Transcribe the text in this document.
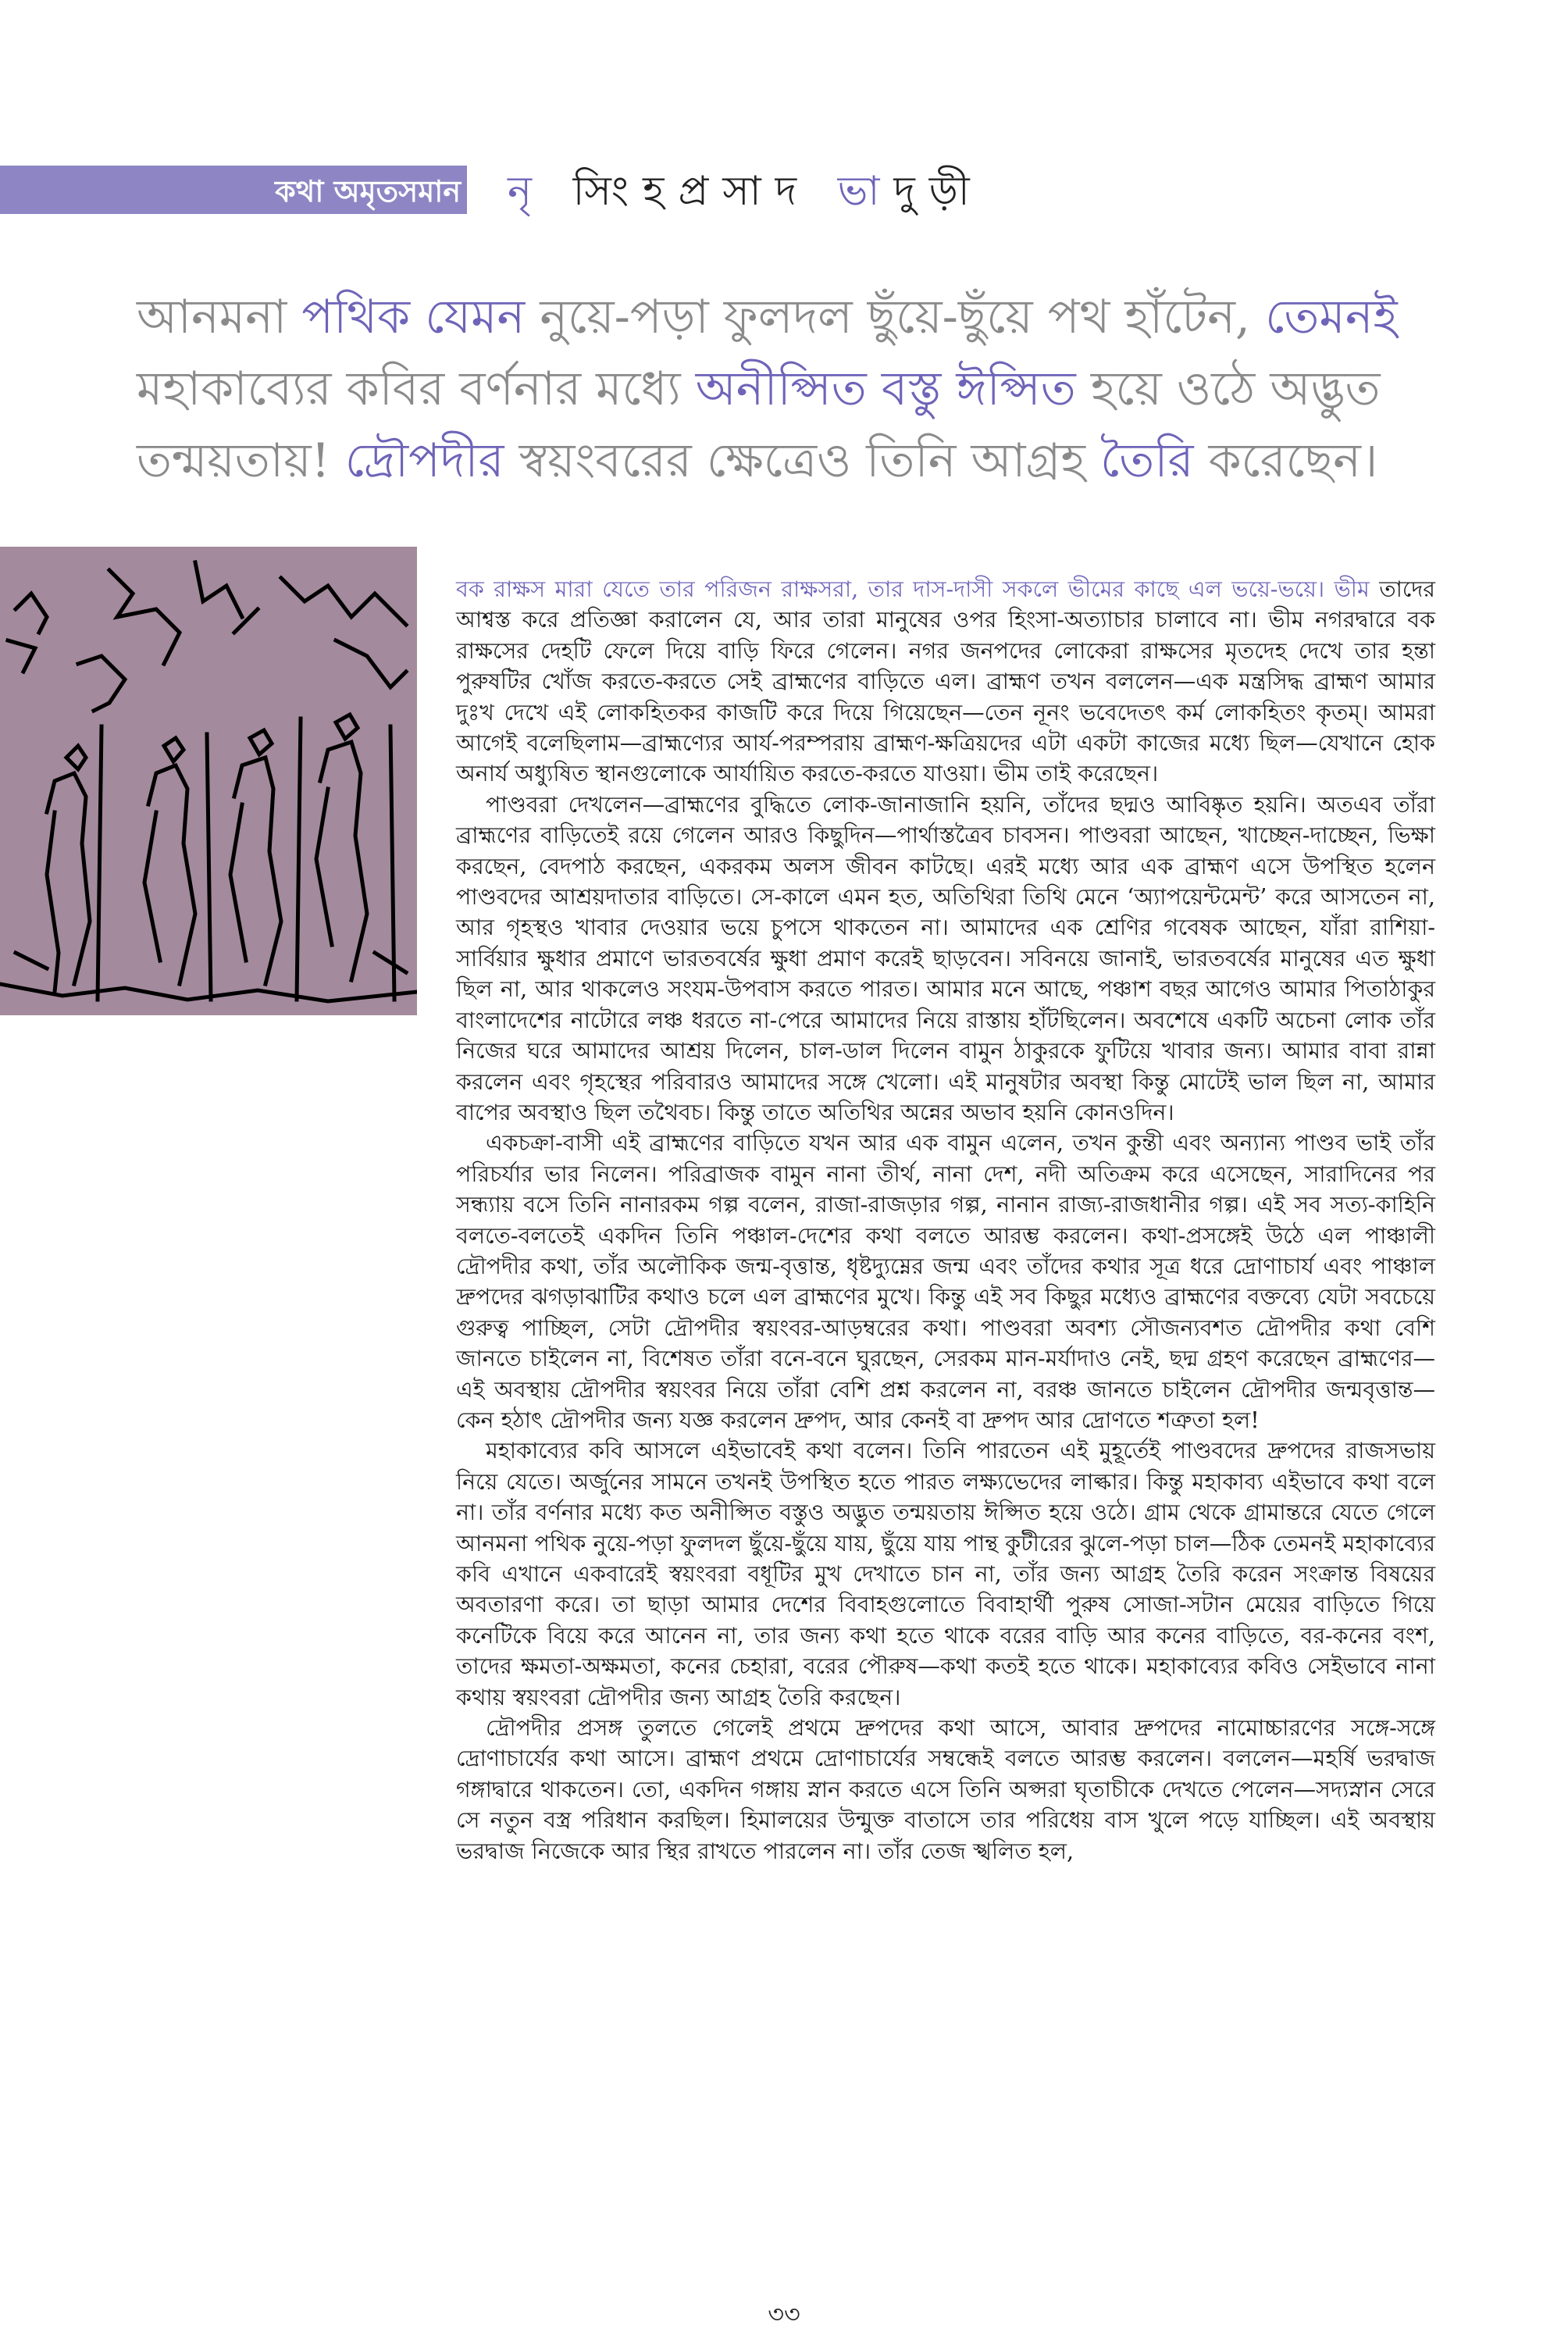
কথা অমৃতসমান নৃ সিংহপ্রসাদ ভাদুড়ী
আনমনা পথিক যেমন নুয়ে-পড়া ফুলদল ছুঁয়ে-ছুঁয়ে পথ হাঁটেন, তেমনই মহাকাব্যের কবির বর্ণনার মধ্যে অনীপ্সিত বস্তু ঈপ্সিত হয়ে ওঠে অদ্ভুত তন্ময়তায়! দ্রৌপদীর স্বয়ংবরের ক্ষেত্রেও তিনি আগ্রহ তৈরি করেছেন।

বক রাক্ষস মারা যেতে তার পরিজন রাক্ষসরা, তার দাস-দাসী সকলে ভীমের কাছে এল ভয়ে-ভয়ে। ভীম তাদের আশ্বস্ত করে প্রতিজ্ঞা করালেন যে, আর তারা মানুষের ওপর হিংসা-অত্যাচার চালাবে না। ভীম নগরদ্বারে বক রাক্ষসের দেহটি ফেলে দিয়ে বাড়ি ফিরে গেলেন। নগর জনপদের লোকেরা রাক্ষসের মৃতদেহ দেখে তার হন্তা পুরুষটির খোঁজ করতে-করতে সেই ব্রাহ্মণের বাড়িতে এল। ব্রাহ্মণ তখন বললেন—এক মন্ত্রসিদ্ধ ব্রাহ্মণ আমার দুঃখ দেখে এই লোকহিতকর কাজটি করে দিয়ে গিয়েছেন—তেন নূনং ভবেদেতৎ কর্ম লোকহিতং কৃতম্। আমরা আগেই বলেছিলাম—ব্রাহ্মণ্যের আর্য-পরম্পরায় ব্রাহ্মণ-ক্ষত্রিয়দের এটা একটা কাজের মধ্যে ছিল—যেখানে হোক অনার্য অধ্যুষিত স্থানগুলোকে আর্যায়িত করতে-করতে যাওয়া। ভীম তাই করেছেন।

পাণ্ডবরা দেখলেন—ব্রাহ্মণের বুদ্ধিতে লোক-জানাজানি হয়নি, তাঁদের ছদ্মও আবিষ্কৃত হয়নি। অতএব তাঁরা ব্রাহ্মণের বাড়িতেই রয়ে গেলেন আরও কিছুদিন—পার্থাস্তত্রৈব চাবসন। পাণ্ডবরা আছেন, খাচ্ছেন-দাচ্ছেন, ভিক্ষা করছেন, বেদপাঠ করছেন, একরকম অলস জীবন কাটছে। এরই মধ্যে আর এক ব্রাহ্মণ এসে উপস্থিত হলেন পাণ্ডবদের আশ্রয়দাতার বাড়িতে। সে-কালে এমন হত, অতিথিরা তিথি মেনে ‘অ্যাপয়েন্টমেন্ট’ করে আসতেন না, আর গৃহস্থও খাবার দেওয়ার ভয়ে চুপসে থাকতেন না। আমাদের এক শ্রেণির গবেষক আছেন, যাঁরা রাশিয়া-সার্বিয়ার ক্ষুধার প্রমাণে ভারতবর্ষের ক্ষুধা প্রমাণ করেই ছাড়বেন। সবিনয়ে জানাই, ভারতবর্ষের মানুষের এত ক্ষুধা ছিল না, আর থাকলেও সংযম-উপবাস করতে পারত। আমার মনে আছে, পঞ্চাশ বছর আগেও আমার পিতাঠাকুর বাংলাদেশের নাটোরে লঞ্চ ধরতে না-পেরে আমাদের নিয়ে রাস্তায় হাঁটছিলেন। অবশেষে একটি অচেনা লোক তাঁর নিজের ঘরে আমাদের আশ্রয় দিলেন, চাল-ডাল দিলেন বামুন ঠাকুরকে ফুটিয়ে খাবার জন্য। আমার বাবা রান্না করলেন এবং গৃহস্থের পরিবারও আমাদের সঙ্গে খেলো। এই মানুষটার অবস্থা কিন্তু মোটেই ভাল ছিল না, আমার বাপের অবস্থাও ছিল তথৈবচ। কিন্তু তাতে অতিথির অন্নের অভাব হয়নি কোনওদিন।

একচক্রা-বাসী এই ব্রাহ্মণের বাড়িতে যখন আর এক বামুন এলেন, তখন কুন্তী এবং অন্যান্য পাণ্ডব ভাই তাঁর পরিচর্যার ভার নিলেন। পরিব্রাজক বামুন নানা তীর্থ, নানা দেশ, নদী অতিক্রম করে এসেছেন, সারাদিনের পর সন্ধ্যায় বসে তিনি নানারকম গল্প বলেন, রাজা-রাজড়ার গল্প, নানান রাজ্য-রাজধানীর গল্প। এই সব সত্য-কাহিনি বলতে-বলতেই একদিন তিনি পঞ্চাল-দেশের কথা বলতে আরম্ভ করলেন। কথা-প্রসঙ্গেই উঠে এল পাঞ্চালী দ্রৌপদীর কথা, তাঁর অলৌকিক জন্ম-বৃত্তান্ত, ধৃষ্টদ্যুম্নের জন্ম এবং তাঁদের কথার সূত্র ধরে দ্রোণাচার্য এবং পাঞ্চাল দ্রুপদের ঝগড়াঝাটির কথাও চলে এল ব্রাহ্মণের মুখে। কিন্তু এই সব কিছুর মধ্যেও ব্রাহ্মণের বক্তব্যে যেটা সবচেয়ে গুরুত্ব পাচ্ছিল, সেটা দ্রৌপদীর স্বয়ংবর-আড়ম্বরের কথা। পাণ্ডবরা অবশ্য সৌজন্যবশত দ্রৌপদীর কথা বেশি জানতে চাইলেন না, বিশেষত তাঁরা বনে-বনে ঘুরছেন, সেরকম মান-মর্যাদাও নেই, ছদ্ম গ্রহণ করেছেন ব্রাহ্মণের—এই অবস্থায় দ্রৌপদীর স্বয়ংবর নিয়ে তাঁরা বেশি প্রশ্ন করলেন না, বরঞ্চ জানতে চাইলেন দ্রৌপদীর জন্মবৃত্তান্ত—কেন হঠাৎ দ্রৌপদীর জন্য যজ্ঞ করলেন দ্রুপদ, আর কেনই বা দ্রুপদ আর দ্রোণতে শত্রুতা হল!

মহাকাব্যের কবি আসলে এইভাবেই কথা বলেন। তিনি পারতেন এই মুহূর্তেই পাণ্ডবদের দ্রুপদের রাজসভায় নিয়ে যেতে। অর্জুনের সামনে তখনই উপস্থিত হতে পারত লক্ষ্যভেদের লাল্কার। কিন্তু মহাকাব্য এইভাবে কথা বলে না। তাঁর বর্ণনার মধ্যে কত অনীপ্সিত বস্তুও অদ্ভুত তন্ময়তায় ঈপ্সিত হয়ে ওঠে। গ্রাম থেকে গ্রামান্তরে যেতে গেলে আনমনা পথিক নুয়ে-পড়া ফুলদল ছুঁয়ে-ছুঁয়ে যায়, ছুঁয়ে যায় পান্থ কুটীরের ঝুলে-পড়া চাল—ঠিক তেমনই মহাকাব্যের কবি এখানে একবারেই স্বয়ংবরা বধূটির মুখ দেখাতে চান না, তাঁর জন্য আগ্রহ তৈরি করেন সংক্রান্ত বিষয়ের অবতারণা করে। তা ছাড়া আমার দেশের বিবাহগুলোতে বিবাহার্থী পুরুষ সোজা-সটান মেয়ের বাড়িতে গিয়ে কনেটিকে বিয়ে করে আনেন না, তার জন্য কথা হতে থাকে বরের বাড়ি আর কনের বাড়িতে, বর-কনের বংশ, তাদের ক্ষমতা-অক্ষমতা, কনের চেহারা, বরের পৌরুষ—কথা কতই হতে থাকে। মহাকাব্যের কবিও সেইভাবে নানা কথায় স্বয়ংবরা দ্রৌপদীর জন্য আগ্রহ তৈরি করছেন।

দ্রৌপদীর প্রসঙ্গ তুলতে গেলেই প্রথমে দ্রুপদের কথা আসে, আবার দ্রুপদের নামোচ্চারণের সঙ্গে-সঙ্গে দ্রোণাচার্যের কথা আসে। ব্রাহ্মণ প্রথমে দ্রোণাচার্যের সম্বন্ধেই বলতে আরম্ভ করলেন। বললেন—মহর্ষি ভরদ্বাজ গঙ্গাদ্বারে থাকতেন। তো, একদিন গঙ্গায় স্নান করতে এসে তিনি অপ্সরা ঘৃতাচীকে দেখতে পেলেন—সদ্যস্নান সেরে সে নতুন বস্ত্র পরিধান করছিল। হিমালয়ের উন্মুক্ত বাতাসে তার পরিধেয় বাস খুলে পড়ে যাচ্ছিল। এই অবস্থায় ভরদ্বাজ নিজেকে আর স্থির রাখতে পারলেন না। তাঁর তেজ স্খলিত হল,

৩৩
